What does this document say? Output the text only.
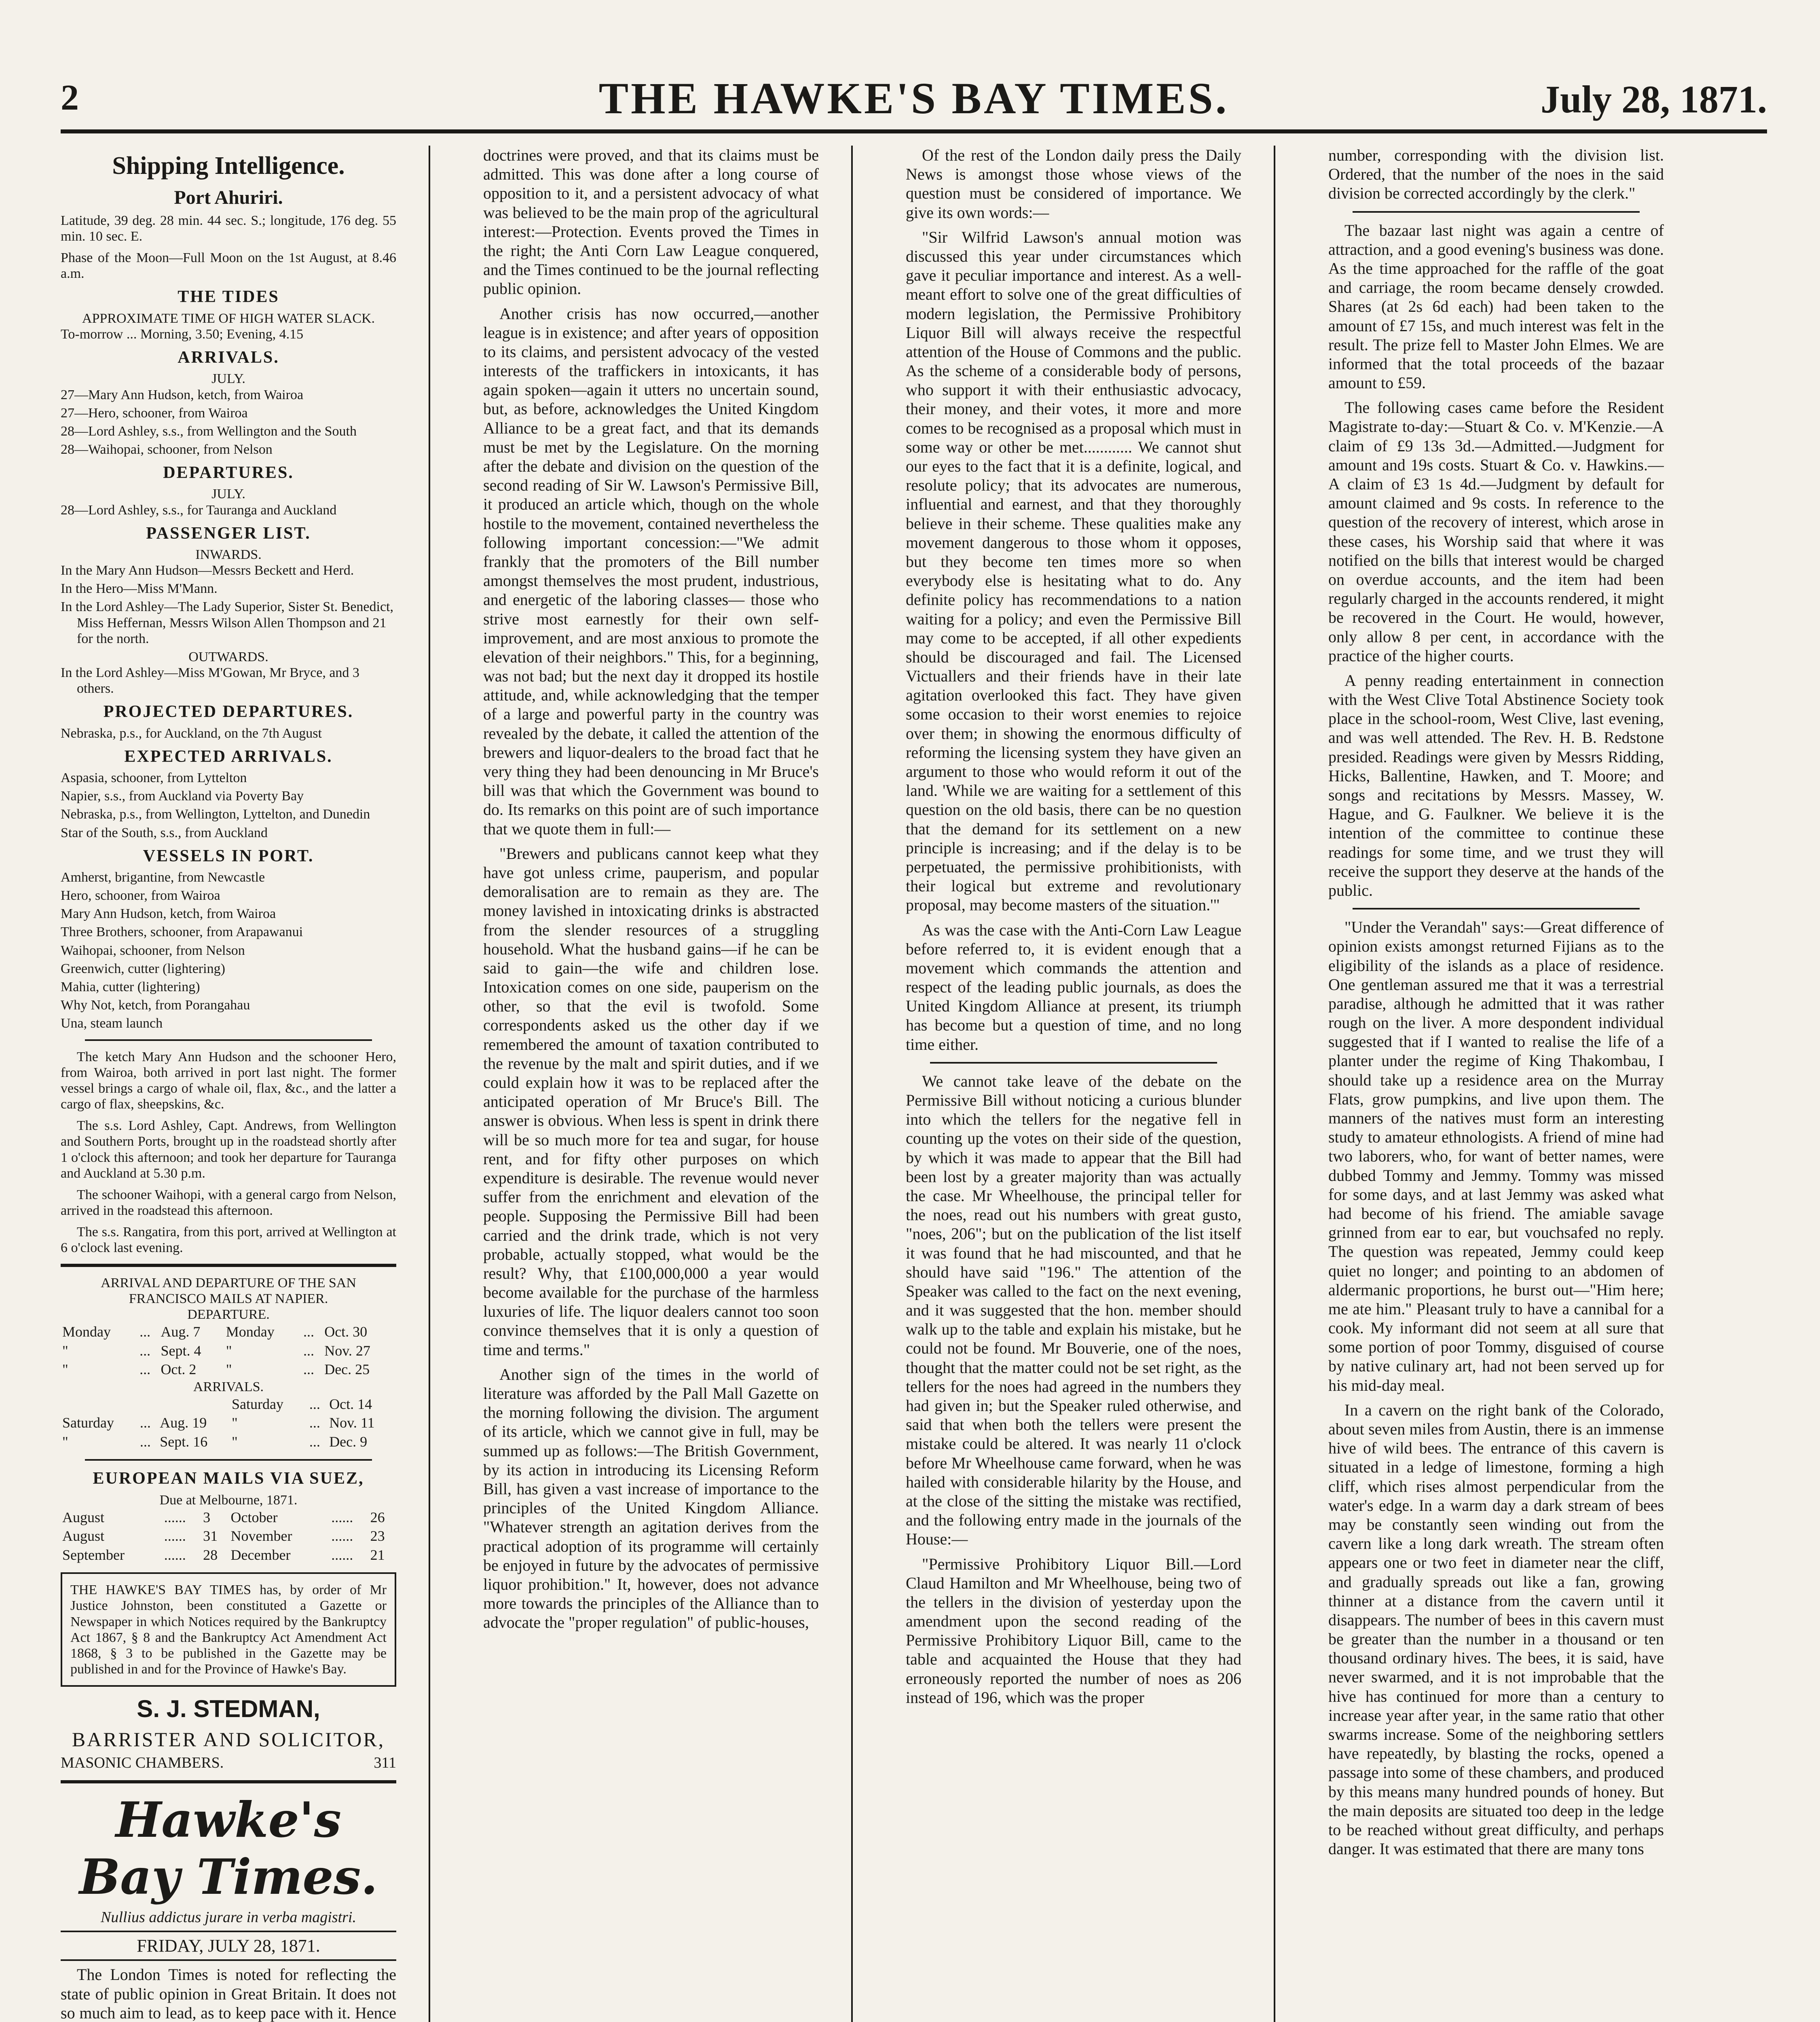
2	THE HAWKE'S BAY TIMES.	July 28, 1871.
Shipping Intelligence.
Port Ahuriri.

Latitude, 39 deg. 28 min. 44 sec. S.; longitude, 176 deg. 55 min. 10 sec. E.

Phase of the Moon—Full Moon on the 1st August, at 8.46 a.m.

THE TIDES
APPROXIMATE TIME OF HIGH WATER SLACK.

To-morrow ... Morning, 3.50; Evening, 4.15

ARRIVALS.
JULY.
27—Mary Ann Hudson, ketch, from Wairoa
27—Hero, schooner, from Wairoa
28—Lord Ashley, s.s., from Wellington and the South
28—Waihopai, schooner, from Nelson
DEPARTURES.
JULY.
28—Lord Ashley, s.s., for Tauranga and Auckland
PASSENGER LIST.
INWARDS.
In the Mary Ann Hudson—Messrs Beckett and Herd.
In the Hero—Miss M'Mann.
In the Lord Ashley—The Lady Superior, Sister St. Benedict, Miss Heffernan, Messrs Wilson Allen Thompson and 21 for the north.
OUTWARDS.
In the Lord Ashley—Miss M'Gowan, Mr Bryce, and 3 others.
PROJECTED DEPARTURES.
Nebraska, p.s., for Auckland, on the 7th August
EXPECTED ARRIVALS.
Aspasia, schooner, from Lyttelton
Napier, s.s., from Auckland via Poverty Bay
Nebraska, p.s., from Wellington, Lyttelton, and Dunedin
Star of the South, s.s., from Auckland
VESSELS IN PORT.
Amherst, brigantine, from Newcastle
Hero, schooner, from Wairoa
Mary Ann Hudson, ketch, from Wairoa
Three Brothers, schooner, from Arapawanui
Waihopai, schooner, from Nelson
Greenwich, cutter (lightering)
Mahia, cutter (lightering)
Why Not, ketch, from Porangahau
Una, steam launch

The ketch Mary Ann Hudson and the schooner Hero, from Wairoa, both arrived in port last night. The former vessel brings a cargo of whale oil, flax, &c., and the latter a cargo of flax, sheepskins, &c.

The s.s. Lord Ashley, Capt. Andrews, from Wellington and Southern Ports, brought up in the roadstead shortly after 1 o'clock this afternoon; and took her departure for Tauranga and Auckland at 5.30 p.m.

The schooner Waihopi, with a general cargo from Nelson, arrived in the roadstead this afternoon.

The s.s. Rangatira, from this port, arrived at Wellington at 6 o'clock last evening.

ARRIVAL AND DEPARTURE OF THE SAN FRANCISCO MAILS AT NAPIER.
DEPARTURE.
Monday	...	Aug. 7	Monday	...	Oct. 30
"	...	Sept. 4	"	...	Nov. 27
"	...	Oct. 2	"	...	Dec. 25
ARRIVALS.
			Saturday	...	Oct. 14
Saturday	...	Aug. 19	"	...	Nov. 11
"	...	Sept. 16	"	...	Dec. 9
EUROPEAN MAILS VIA SUEZ,
Due at Melbourne, 1871.
August	......	3	October	......	26
August	......	31	November	......	23
September	......	28	December	......	21
THE HAWKE'S BAY TIMES has, by order of Mr Justice Johnston, been constituted a Gazette or Newspaper in which Notices required by the Bankruptcy Act 1867, § 8 and the Bankruptcy Act Amendment Act 1868, § 3 to be published in the Gazette may be published in and for the Province of Hawke's Bay.
S. J. STEDMAN,
BARRISTER AND SOLICITOR,
MASONIC CHAMBERS.	311
Hawke's Bay Times.
Nullius addictus jurare in verba magistri.
FRIDAY, JULY 28, 1871.

The London Times is noted for reflecting the state of public opinion in Great Britain. It does not so much aim to lead, as to keep pace with it. Hence

doctrines were proved, and that its claims must be admitted. This was done after a long course of opposition to it, and a persistent advocacy of what was believed to be the main prop of the agricultural interest:—Protection. Events proved the Times in the right; the Anti Corn Law League conquered, and the Times continued to be the journal reflecting public opinion.

Another crisis has now occurred,—another league is in existence; and after years of opposition to its claims, and persistent advocacy of the vested interests of the traffickers in intoxicants, it has again spoken—again it utters no uncertain sound, but, as before, acknowledges the United Kingdom Alliance to be a great fact, and that its demands must be met by the Legislature. On the morning after the debate and division on the question of the second reading of Sir W. Lawson's Permissive Bill, it produced an article which, though on the whole hostile to the movement, contained nevertheless the following important concession:—"We admit frankly that the promoters of the Bill number amongst themselves the most prudent, industrious, and energetic of the laboring classes— those who strive most earnestly for their own self-improvement, and are most anxious to promote the elevation of their neighbors." This, for a beginning, was not bad; but the next day it dropped its hostile attitude, and, while acknowledging that the temper of a large and powerful party in the country was revealed by the debate, it called the attention of the brewers and liquor-dealers to the broad fact that he very thing they had been denouncing in Mr Bruce's bill was that which the Government was bound to do. Its remarks on this point are of such importance that we quote them in full:—

"Brewers and publicans cannot keep what they have got unless crime, pauperism, and popular demoralisation are to remain as they are. The money lavished in intoxicating drinks is abstracted from the slender resources of a struggling household. What the husband gains—if he can be said to gain—the wife and children lose. Intoxication comes on one side, pauperism on the other, so that the evil is twofold. Some correspondents asked us the other day if we remembered the amount of taxation contributed to the revenue by the malt and spirit duties, and if we could explain how it was to be replaced after the anticipated operation of Mr Bruce's Bill. The answer is obvious. When less is spent in drink there will be so much more for tea and sugar, for house rent, and for fifty other purposes on which expenditure is desirable. The revenue would never suffer from the enrichment and elevation of the people. Supposing the Permissive Bill had been carried and the drink trade, which is not very probable, actually stopped, what would be the result? Why, that £100,000,000 a year would become available for the purchase of the harmless luxuries of life. The liquor dealers cannot too soon convince themselves that it is only a question of time and terms."

Another sign of the times in the world of literature was afforded by the Pall Mall Gazette on the morning following the division. The argument of its article, which we cannot give in full, may be summed up as follows:—The British Government, by its action in introducing its Licensing Reform Bill, has given a vast increase of importance to the principles of the United Kingdom Alliance. "Whatever strength an agitation derives from the practical adoption of its programme will certainly be enjoyed in future by the advocates of permissive liquor prohibition." It, however, does not advance more towards the principles of the Alliance than to advocate the "proper regulation" of public-houses,

Of the rest of the London daily press the Daily News is amongst those whose views of the question must be considered of importance. We give its own words:—

"Sir Wilfrid Lawson's annual motion was discussed this year under circumstances which gave it peculiar importance and interest. As a well-meant effort to solve one of the great difficulties of modern legislation, the Permissive Prohibitory Liquor Bill will always receive the respectful attention of the House of Commons and the public. As the scheme of a considerable body of persons, who support it with their enthusiastic advocacy, their money, and their votes, it more and more comes to be recognised as a proposal which must in some way or other be met............ We cannot shut our eyes to the fact that it is a definite, logical, and resolute policy; that its advocates are numerous, influential and earnest, and that they thoroughly believe in their scheme. These qualities make any movement dangerous to those whom it opposes, but they become ten times more so when everybody else is hesitating what to do. Any definite policy has recommendations to a nation waiting for a policy; and even the Permissive Bill may come to be accepted, if all other expedients should be discouraged and fail. The Licensed Victuallers and their friends have in their late agitation overlooked this fact. They have given some occasion to their worst enemies to rejoice over them; in showing the enormous difficulty of reforming the licensing system they have given an argument to those who would reform it out of the land. 'While we are waiting for a settlement of this question on the old basis, there can be no question that the demand for its settlement on a new principle is increasing; and if the delay is to be perpetuated, the permissive prohibitionists, with their logical but extreme and revolutionary proposal, may become masters of the situation.'"

As was the case with the Anti-Corn Law League before referred to, it is evident enough that a movement which commands the attention and respect of the leading public journals, as does the United Kingdom Alliance at present, its triumph has become but a question of time, and no long time either.

We cannot take leave of the debate on the Permissive Bill without noticing a curious blunder into which the tellers for the negative fell in counting up the votes on their side of the question, by which it was made to appear that the Bill had been lost by a greater majority than was actually the case. Mr Wheelhouse, the principal teller for the noes, read out his numbers with great gusto, "noes, 206"; but on the publication of the list itself it was found that he had miscounted, and that he should have said "196." The attention of the Speaker was called to the fact on the next evening, and it was suggested that the hon. member should walk up to the table and explain his mistake, but he could not be found. Mr Bouverie, one of the noes, thought that the matter could not be set right, as the tellers for the noes had agreed in the numbers they had given in; but the Speaker ruled otherwise, and said that when both the tellers were present the mistake could be altered. It was nearly 11 o'clock before Mr Wheelhouse came forward, when he was hailed with considerable hilarity by the House, and at the close of the sitting the mistake was rectified, and the following entry made in the journals of the House:—

"Permissive Prohibitory Liquor Bill.—Lord Claud Hamilton and Mr Wheelhouse, being two of the tellers in the division of yesterday upon the amendment upon the second reading of the Permissive Prohibitory Liquor Bill, came to the table and acquainted the House that they had erroneously reported the number of noes as 206 instead of 196, which was the proper

number, corresponding with the division list. Ordered, that the number of the noes in the said division be corrected accordingly by the clerk."

The bazaar last night was again a centre of attraction, and a good evening's business was done. As the time approached for the raffle of the goat and carriage, the room became densely crowded. Shares (at 2s 6d each) had been taken to the amount of £7 15s, and much interest was felt in the result. The prize fell to Master John Elmes. We are informed that the total proceeds of the bazaar amount to £59.

The following cases came before the Resident Magistrate to-day:—Stuart & Co. v. M'Kenzie.—A claim of £9 13s 3d.—Admitted.—Judgment for amount and 19s costs. Stuart & Co. v. Hawkins.—A claim of £3 1s 4d.—Judgment by default for amount claimed and 9s costs. In reference to the question of the recovery of interest, which arose in these cases, his Worship said that where it was notified on the bills that interest would be charged on overdue accounts, and the item had been regularly charged in the accounts rendered, it might be recovered in the Court. He would, however, only allow 8 per cent, in accordance with the practice of the higher courts.

A penny reading entertainment in connection with the West Clive Total Abstinence Society took place in the school-room, West Clive, last evening, and was well attended. The Rev. H. B. Redstone presided. Readings were given by Messrs Ridding, Hicks, Ballentine, Hawken, and T. Moore; and songs and recitations by Messrs. Massey, W. Hague, and G. Faulkner. We believe it is the intention of the committee to continue these readings for some time, and we trust they will receive the support they deserve at the hands of the public.

"Under the Verandah" says:—Great difference of opinion exists amongst returned Fijians as to the eligibility of the islands as a place of residence. One gentleman assured me that it was a terrestrial paradise, although he admitted that it was rather rough on the liver. A more despondent individual suggested that if I wanted to realise the life of a planter under the regime of King Thakombau, I should take up a residence area on the Murray Flats, grow pumpkins, and live upon them. The manners of the natives must form an interesting study to amateur ethnologists. A friend of mine had two laborers, who, for want of better names, were dubbed Tommy and Jemmy. Tommy was missed for some days, and at last Jemmy was asked what had become of his friend. The amiable savage grinned from ear to ear, but vouchsafed no reply. The question was repeated, Jemmy could keep quiet no longer; and pointing to an abdomen of aldermanic proportions, he burst out—"Him here; me ate him." Pleasant truly to have a cannibal for a cook. My informant did not seem at all sure that some portion of poor Tommy, disguised of course by native culinary art, had not been served up for his mid-day meal.

In a cavern on the right bank of the Colorado, about seven miles from Austin, there is an immense hive of wild bees. The entrance of this cavern is situated in a ledge of limestone, forming a high cliff, which rises almost perpendicular from the water's edge. In a warm day a dark stream of bees may be constantly seen winding out from the cavern like a long dark wreath. The stream often appears one or two feet in diameter near the cliff, and gradually spreads out like a fan, growing thinner at a distance from the cavern until it disappears. The number of bees in this cavern must be greater than the number in a thousand or ten thousand ordinary hives. The bees, it is said, have never swarmed, and it is not improbable that the hive has continued for more than a century to increase year after year, in the same ratio that other swarms increase. Some of the neighboring settlers have repeatedly, by blasting the rocks, opened a passage into some of these chambers, and produced by this means many hundred pounds of honey. But the main deposits are situated too deep in the ledge to be reached without great difficulty, and perhaps danger. It was estimated that there are many tons
